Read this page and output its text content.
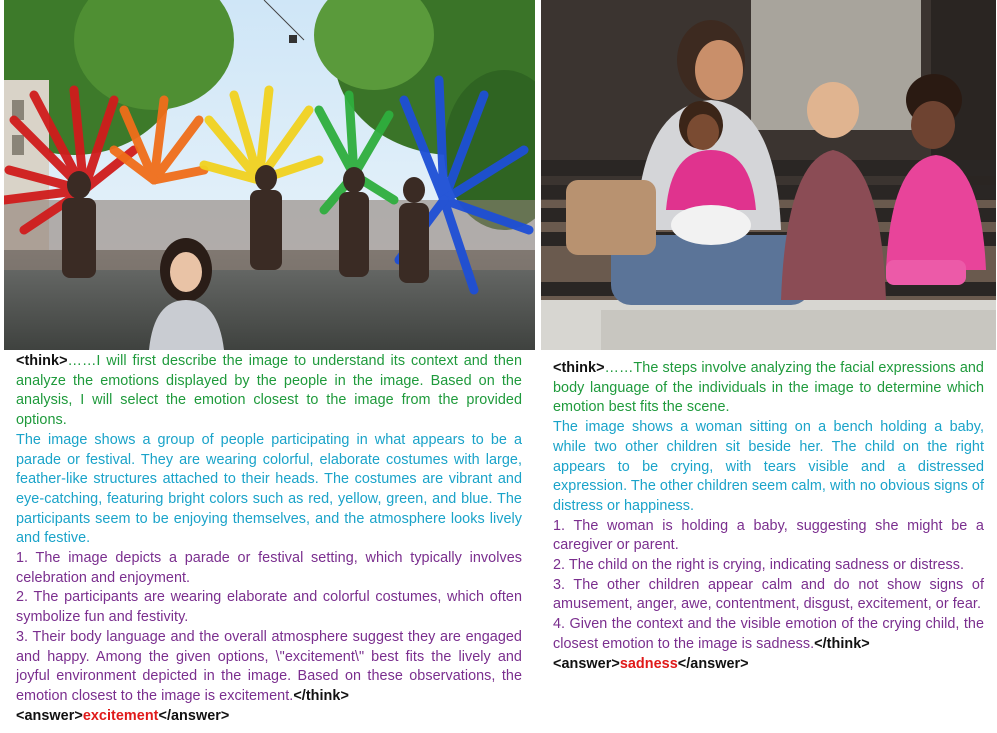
<think>……I will first describe the image to understand its context and then analyze the emotions displayed by the people in the image. Based on the analysis, I will select the emotion closest to the image from the provided options.

The image shows a group of people participating in what appears to be a parade or festival. They are wearing colorful, elaborate costumes with large, feather-like structures attached to their heads. The costumes are vibrant and eye-catching, featuring bright colors such as red, yellow, green, and blue. The participants seem to be enjoying themselves, and the atmosphere looks lively and festive.

1. The image depicts a parade or festival setting, which typically involves celebration and enjoyment.

2. The participants are wearing elaborate and colorful costumes, which often symbolize fun and festivity.

3. Their body language and the overall atmosphere suggest they are engaged and happy. Among the given options, \"excitement\" best fits the lively and joyful environment depicted in the image. Based on these observations, the emotion closest to the image is excitement.</think>

<answer>excitement</answer>

<think>……The steps involve analyzing the facial expressions and body language of the individuals in the image to determine which emotion best fits the scene.

The image shows a woman sitting on a bench holding a baby, while two other children sit beside her. The child on the right appears to be crying, with tears visible and a distressed expression. The other children seem calm, with no obvious signs of distress or happiness.

1. The woman is holding a baby, suggesting she might be a caregiver or parent.

2. The child on the right is crying, indicating sadness or distress.

3. The other children appear calm and do not show signs of amusement, anger, awe, contentment, disgust, excitement, or fear.

4. Given the context and the visible emotion of the crying child, the closest emotion to the image is sadness.</think>

<answer>sadness</answer>
